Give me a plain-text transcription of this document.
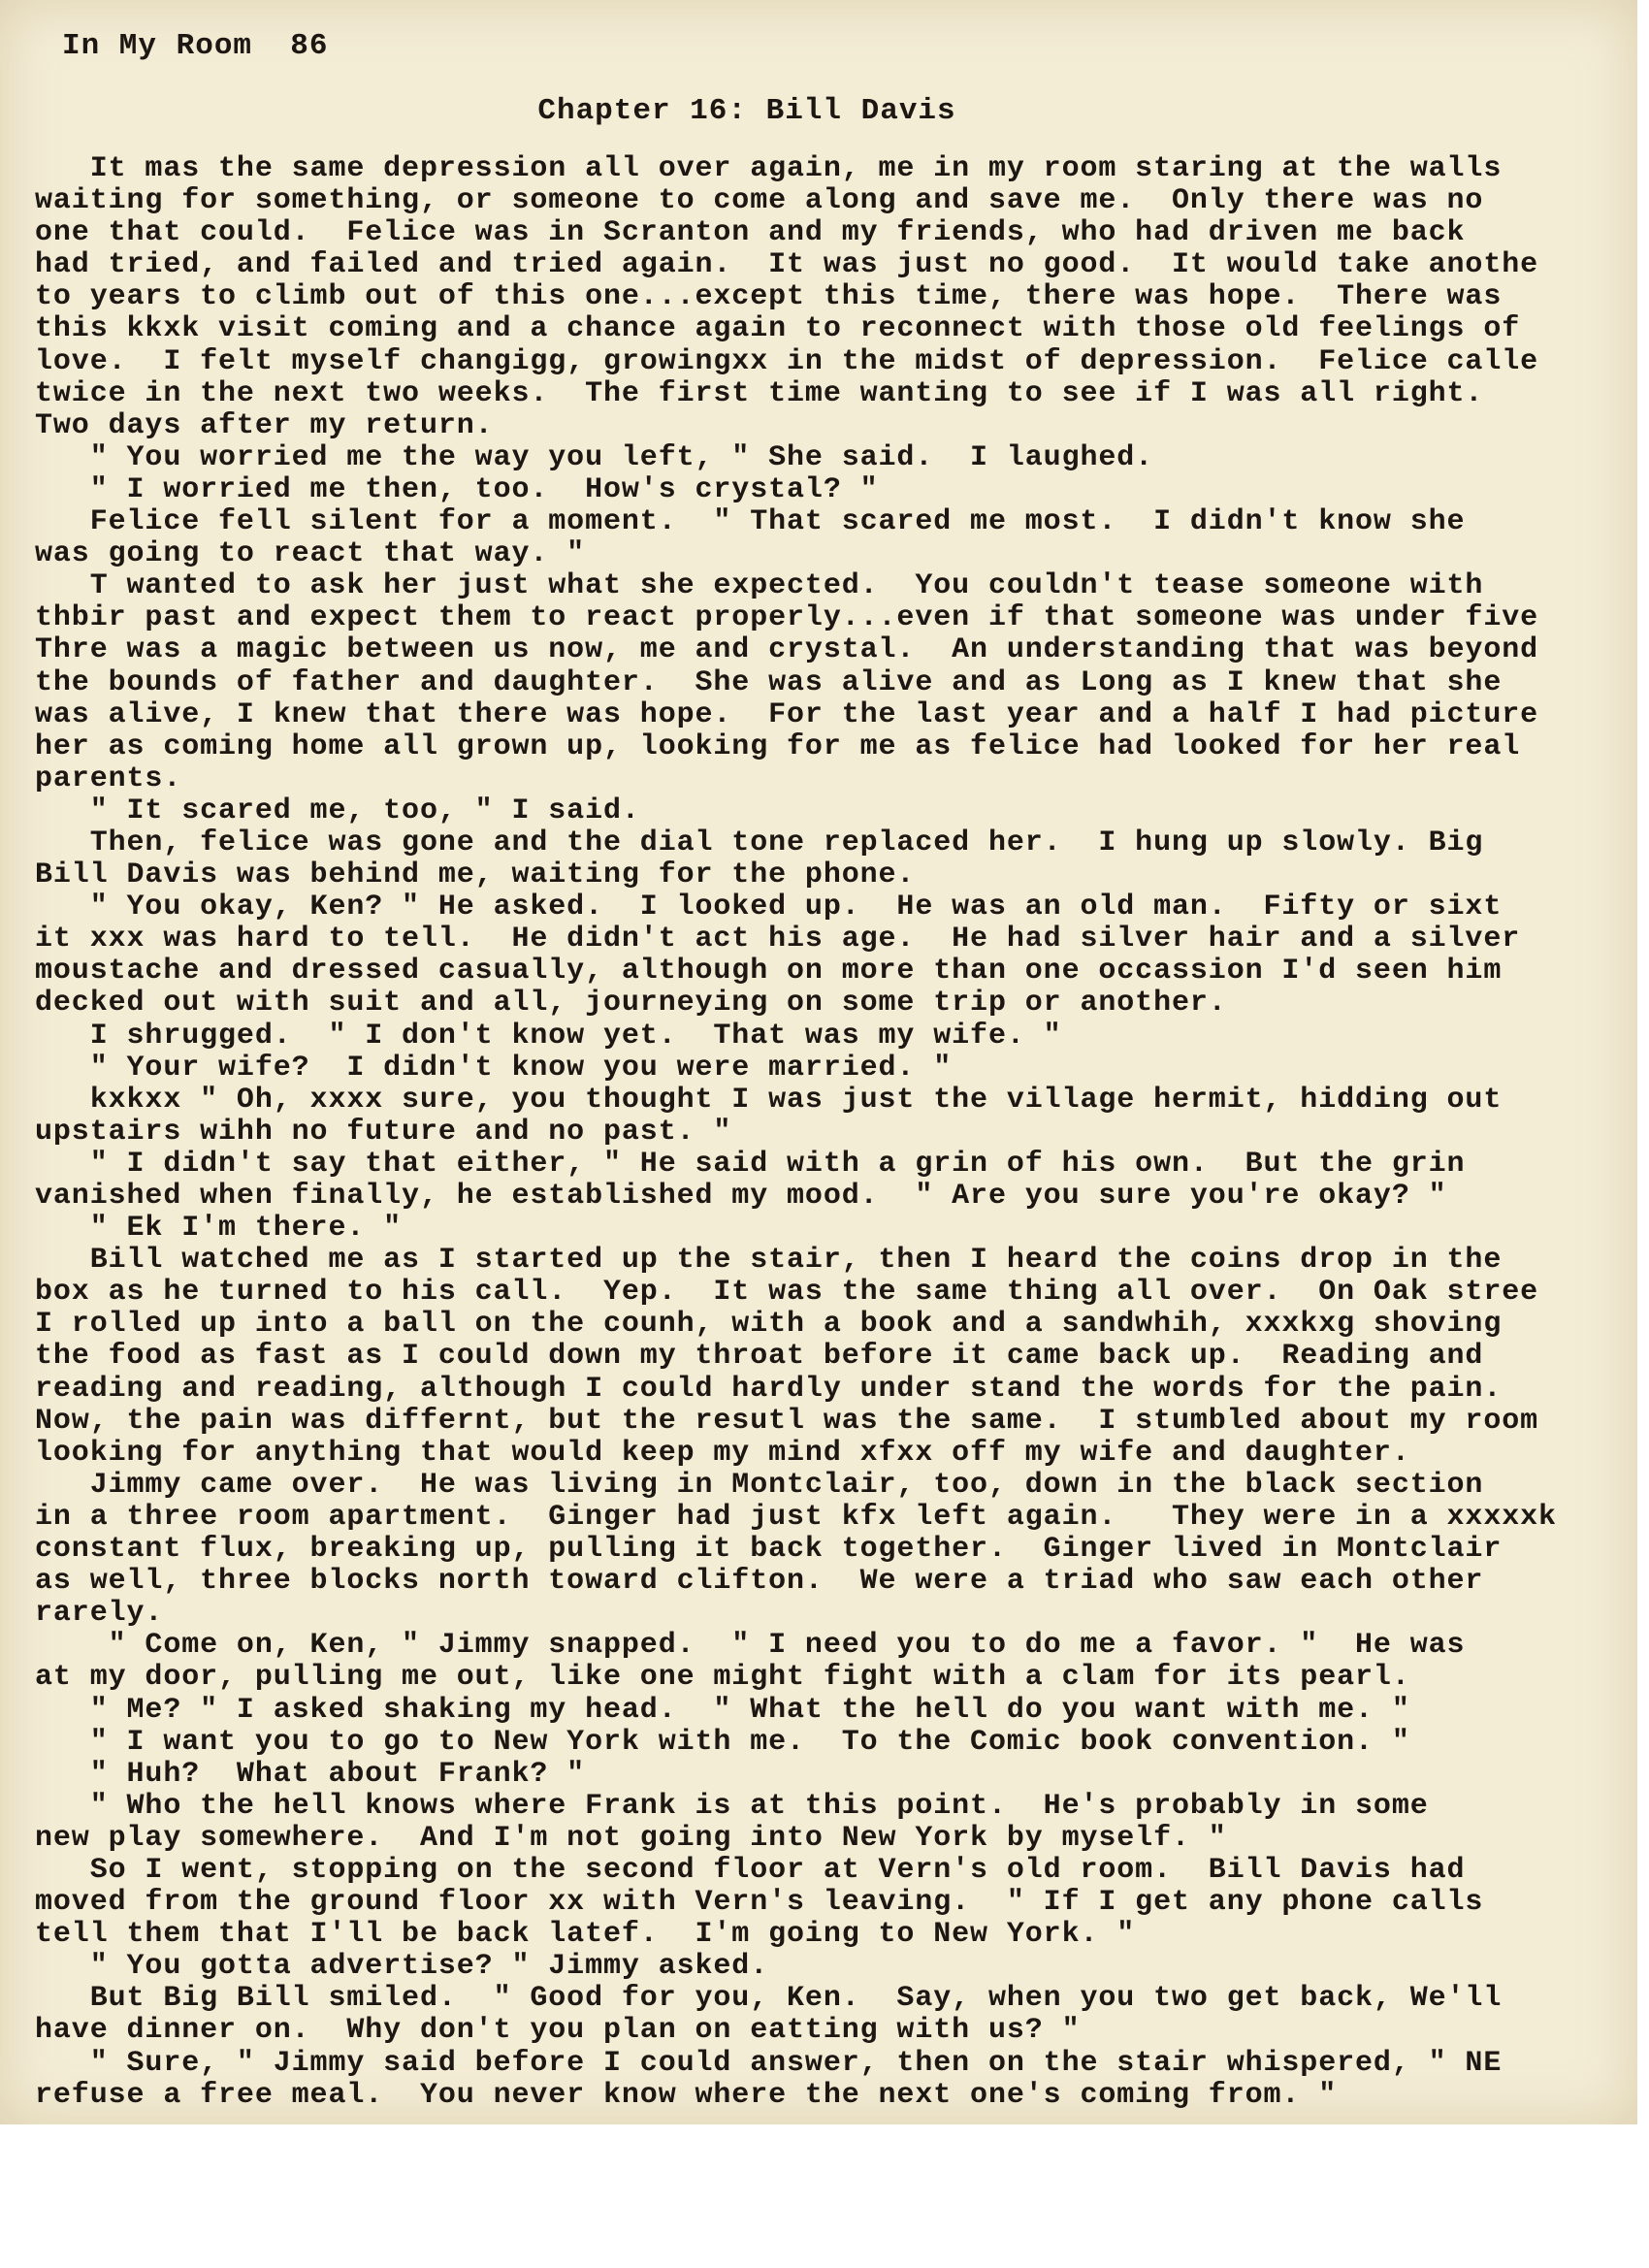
In My Room 86
Chapter 16: Bill Davis
It mas the same depression all over again, me in my room staring at the walls
waiting for something, or someone to come along and save me.  Only there was no
one that could.  Felice was in Scranton and my friends, who had driven me back
had tried, and failed and tried again.  It was just no good.  It would take anothe
to years to climb out of this one...except this time, there was hope.  There was
this kkxk visit coming and a chance again to reconnect with those old feelings of
love.  I felt myself changigg, growingxx in the midst of depression.  Felice calle
twice in the next two weeks.  The first time wanting to see if I was all right.
Two days after my return.
" You worried me the way you left, " She said.  I laughed.
" I worried me then, too.  How's crystal? "
Felice fell silent for a moment.  " That scared me most.  I didn't know she
was going to react that way. "
T wanted to ask her just what she expected.  You couldn't tease someone with
thbir past and expect them to react properly...even if that someone was under five
Thre was a magic between us now, me and crystal.  An understanding that was beyond
the bounds of father and daughter.  She was alive and as Long as I knew that she
was alive, I knew that there was hope.  For the last year and a half I had picture
her as coming home all grown up, looking for me as felice had looked for her real
parents.
" It scared me, too, " I said.
Then, felice was gone and the dial tone replaced her.  I hung up slowly. Big
Bill Davis was behind me, waiting for the phone.
" You okay, Ken? " He asked.  I looked up.  He was an old man.  Fifty or sixt
it xxx was hard to tell.  He didn't act his age.  He had silver hair and a silver
moustache and dressed casually, although on more than one occassion I'd seen him
decked out with suit and all, journeying on some trip or another.
I shrugged.  " I don't know yet.  That was my wife. "
" Your wife?  I didn't know you were married. "
kxkxx " Oh, xxxx sure, you thought I was just the village hermit, hidding out
upstairs wihh no future and no past. "
" I didn't say that either, " He said with a grin of his own.  But the grin
vanished when finally, he established my mood.  " Are you sure you're okay? "
" Ek I'm there. "
Bill watched me as I started up the stair, then I heard the coins drop in the
box as he turned to his call.  Yep.  It was the same thing all over.  On Oak stree
I rolled up into a ball on the counh, with a book and a sandwhih, xxxkxg shoving
the food as fast as I could down my throat before it came back up.  Reading and
reading and reading, although I could hardly under stand the words for the pain.
Now, the pain was differnt, but the resutl was the same.  I stumbled about my room
looking for anything that would keep my mind xfxx off my wife and daughter.
Jimmy came over.  He was living in Montclair, too, down in the black section
in a three room apartment.  Ginger had just kfx left again.   They were in a xxxxxk
constant flux, breaking up, pulling it back together.  Ginger lived in Montclair
as well, three blocks north toward clifton.  We were a triad who saw each other
rarely.
" Come on, Ken, " Jimmy snapped.  " I need you to do me a favor. "  He was
at my door, pulling me out, like one might fight with a clam for its pearl.
" Me? " I asked shaking my head.  " What the hell do you want with me. "
" I want you to go to New York with me.  To the Comic book convention. "
" Huh?  What about Frank? "
" Who the hell knows where Frank is at this point.  He's probably in some
new play somewhere.  And I'm not going into New York by myself. "
So I went, stopping on the second floor at Vern's old room.  Bill Davis had
moved from the ground floor xx with Vern's leaving.  " If I get any phone calls
tell them that I'll be back latef.  I'm going to New York. "
" You gotta advertise? " Jimmy asked.
But Big Bill smiled.  " Good for you, Ken.  Say, when you two get back, We'll
have dinner on.  Why don't you plan on eatting with us? "
" Sure, " Jimmy said before I could answer, then on the stair whispered, " NE
refuse a free meal.  You never know where the next one's coming from. "
